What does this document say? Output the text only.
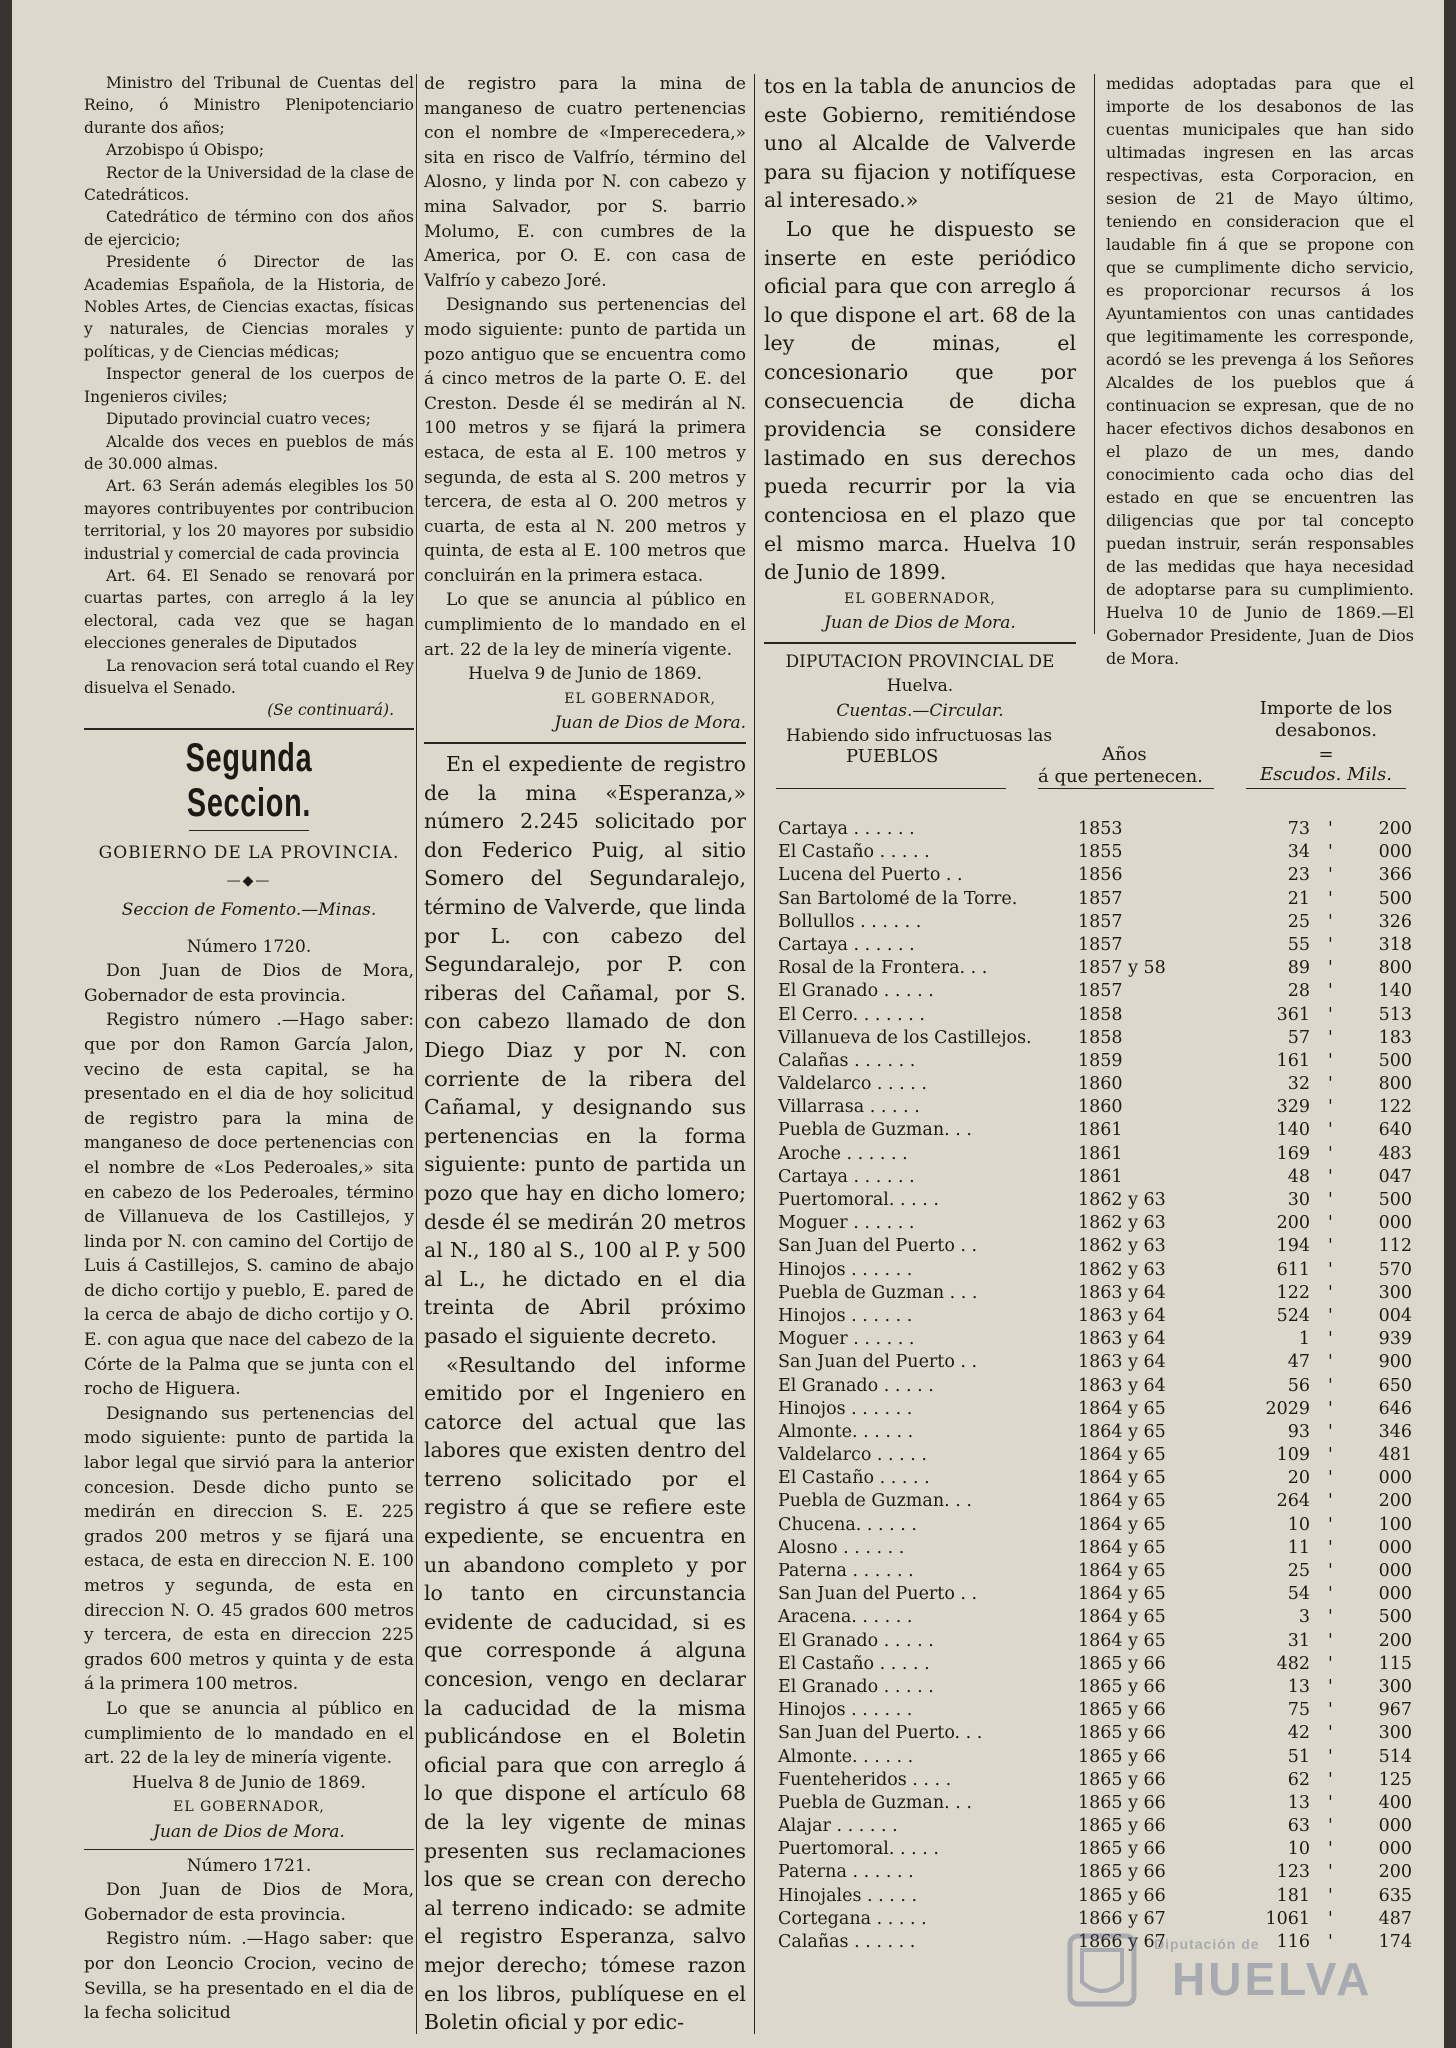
Ministro del Tribunal de Cuentas del Reino, ó Ministro Plenipotenciario durante dos años;

Arzobispo ú Obispo;

Rector de la Universidad de la clase de Catedráticos.

Catedrático de término con dos años de ejercicio;

Presidente ó Director de las Academias Española, de la Historia, de Nobles Artes, de Ciencias exactas, físicas y naturales, de Ciencias morales y políticas, y de Ciencias médicas;

Inspector general de los cuerpos de Ingenieros civiles;

Diputado provincial cuatro veces;

Alcalde dos veces en pueblos de más de 30.000 almas.

Art. 63 Serán además elegibles los 50 mayores contribuyentes por contribucion territorial, y los 20 mayores por subsidio industrial y comercial de cada provincia

Art. 64. El Senado se renovará por cuartas partes, con arreglo á la ley electoral, cada vez que se hagan elecciones generales de Diputados

La renovacion será total cuando el Rey disuelva el Senado.

(Se continuará).

Segunda Seccion.

GOBIERNO DE LA PROVINCIA.

—◆—

Seccion de Fomento.—Minas.

Número 1720.

Don Juan de Dios de Mora, Gobernador de esta provincia.

Registro número .—Hago saber: que por don Ramon García Jalon, vecino de esta capital, se ha presentado en el dia de hoy solicitud de registro para la mina de manganeso de doce pertenencias con el nombre de «Los Pederoales,» sita en cabezo de los Pederoales, término de Villanueva de los Castillejos, y linda por N. con camino del Cortijo de Luis á Castillejos, S. camino de abajo de dicho cortijo y pueblo, E. pared de la cerca de abajo de dicho cortijo y O. E. con agua que nace del cabezo de la Córte de la Palma que se junta con el rocho de Higuera.

Designando sus pertenencias del modo siguiente: punto de partida la labor legal que sirvió para la anterior concesion. Desde dicho punto se medirán en direccion S. E. 225 grados 200 metros y se fijará una estaca, de esta en direccion N. E. 100 metros y segunda, de esta en direccion N. O. 45 grados 600 metros y tercera, de esta en direccion 225 grados 600 metros y quinta y de esta á la primera 100 metros.

Lo que se anuncia al público en cumplimiento de lo mandado en el art. 22 de la ley de minería vigente.

Huelva 8 de Junio de 1869.

EL GOBERNADOR,

Juan de Dios de Mora.

Número 1721.

Don Juan de Dios de Mora, Gobernador de esta provincia.

Registro núm. .—Hago saber: que por don Leoncio Crocion, vecino de Sevilla, se ha presentado en el dia de la fecha solicitud

de registro para la mina de manganeso de cuatro pertenencias con el nombre de «Imperecedera,» sita en risco de Valfrío, término del Alosno, y linda por N. con cabezo y mina Salvador, por S. barrio Molumo, E. con cumbres de la America, por O. E. con casa de Valfrío y cabezo Joré.

Designando sus pertenencias del modo siguiente: punto de partida un pozo antiguo que se encuentra como á cinco metros de la parte O. E. del Creston. Desde él se medirán al N. 100 metros y se fijará la primera estaca, de esta al E. 100 metros y segunda, de esta al S. 200 metros y tercera, de esta al O. 200 metros y cuarta, de esta al N. 200 metros y quinta, de esta al E. 100 metros que concluirán en la primera estaca.

Lo que se anuncia al público en cumplimiento de lo mandado en el art. 22 de la ley de minería vigente.

Huelva 9 de Junio de 1869.

EL GOBERNADOR,

Juan de Dios de Mora.

En el expediente de registro de la mina «Esperanza,» número 2.245 solicitado por don Federico Puig, al sitio Somero del Segundaralejo, término de Valverde, que linda por L. con cabezo del Segundaralejo, por P. con riberas del Cañamal, por S. con cabezo llamado de don Diego Diaz y por N. con corriente de la ribera del Cañamal, y designando sus pertenencias en la forma siguiente: punto de partida un pozo que hay en dicho lomero; desde él se medirán 20 metros al N., 180 al S., 100 al P. y 500 al L., he dictado en el dia treinta de Abril próximo pasado el siguiente decreto.

«Resultando del informe emitido por el Ingeniero en catorce del actual que las labores que existen dentro del terreno solicitado por el registro á que se refiere este expediente, se encuentra en un abandono completo y por lo tanto en circunstancia evidente de caducidad, si es que corresponde á alguna concesion, vengo en declarar la caducidad de la misma publicándose en el Boletin oficial para que con arreglo á lo que dispone el artículo 68 de la ley vigente de minas presenten sus reclamaciones los que se crean con derecho al terreno indicado: se admite el registro Esperanza, salvo mejor derecho; tómese razon en los libros, publíquese en el Boletin oficial y por edic-

tos en la tabla de anuncios de este Gobierno, remitiéndose uno al Alcalde de Valverde para su fijacion y notifíquese al interesado.»

Lo que he dispuesto se inserte en este periódico oficial para que con arreglo á lo que dispone el art. 68 de la ley de minas, el concesionario que por consecuencia de dicha providencia se considere lastimado en sus derechos pueda recurrir por la via contenciosa en el plazo que el mismo marca. Huelva 10 de Junio de 1899.

EL GOBERNADOR,

Juan de Dios de Mora.

DIPUTACION PROVINCIAL DE Huelva.

Cuentas.—Circular.

Habiendo sido infructuosas las

medidas adoptadas para que el importe de los desabonos de las cuentas municipales que han sido ultimadas ingresen en las arcas respectivas, esta Corporacion, en sesion de 21 de Mayo último, teniendo en consideracion que el laudable fin á que se propone con que se cumplimente dicho servicio, es proporcionar recursos á los Ayuntamientos con unas cantidades que legitimamente les corresponde, acordó se les prevenga á los Señores Alcaldes de los pueblos que á continuacion se expresan, que de no hacer efectivos dichos desabonos en el plazo de un mes, dando conocimiento cada ocho dias del estado en que se encuentren las diligencias que por tal concepto puedan instruir, serán responsables de las medidas que haya necesidad de adoptarse para su cumplimiento. Huelva 10 de Junio de 1869.—El Gobernador Presidente, Juan de Dios de Mora.

PUEBLOS	Años
á que pertenecen.
Importe de los desabonos.
=
Escudos. Mils.
Cartaya . . . . . .	1853	73 '	200
El Castaño . . . . .	1855	34 '	000
Lucena del Puerto . .	1856	23 '	366
San Bartolomé de la Torre.	1857	21 '	500
Bollullos . . . . . .	1857	25 '	326
Cartaya . . . . . .	1857	55 '	318
Rosal de la Frontera. . .	1857 y 58	89 '	800
El Granado . . . . .	1857	28 '	140
El Cerro. . . . . . .	1858	361 '	513
Villanueva de los Castillejos.	1858	57 '	183
Calañas . . . . . .	1859	161 '	500
Valdelarco . . . . .	1860	32 '	800
Villarrasa . . . . .	1860	329 '	122
Puebla de Guzman. . .	1861	140 '	640
Aroche . . . . . .	1861	169 '	483
Cartaya . . . . . .	1861	48 '	047
Puertomoral. . . . .	1862 y 63	30 '	500
Moguer . . . . . .	1862 y 63	200 '	000
San Juan del Puerto . .	1862 y 63	194 '	112
Hinojos . . . . . .	1862 y 63	611 '	570
Puebla de Guzman . . .	1863 y 64	122 '	300
Hinojos . . . . . .	1863 y 64	524 '	004
Moguer . . . . . .	1863 y 64	1 '	939
San Juan del Puerto . .	1863 y 64	47 '	900
El Granado . . . . .	1863 y 64	56 '	650
Hinojos . . . . . .	1864 y 65	2029 '	646
Almonte. . . . . .	1864 y 65	93 '	346
Valdelarco . . . . .	1864 y 65	109 '	481
El Castaño . . . . .	1864 y 65	20 '	000
Puebla de Guzman. . .	1864 y 65	264 '	200
Chucena. . . . . .	1864 y 65	10 '	100
Alosno . . . . . .	1864 y 65	11 '	000
Paterna . . . . . .	1864 y 65	25 '	000
San Juan del Puerto . .	1864 y 65	54 '	000
Aracena. . . . . .	1864 y 65	3 '	500
El Granado . . . . .	1864 y 65	31 '	200
El Castaño . . . . .	1865 y 66	482 '	115
El Granado . . . . .	1865 y 66	13 '	300
Hinojos . . . . . .	1865 y 66	75 '	967
San Juan del Puerto. . .	1865 y 66	42 '	300
Almonte. . . . . .	1865 y 66	51 '	514
Fuenteheridos . . . .	1865 y 66	62 '	125
Puebla de Guzman. . .	1865 y 66	13 '	400
Alajar . . . . . .	1865 y 66	63 '	000
Puertomoral. . . . .	1865 y 66	10 '	000
Paterna . . . . . .	1865 y 66	123 '	200
Hinojales . . . . .	1865 y 66	181 '	635
Cortegana . . . . .	1866 y 67	1061 '	487
Calañas . . . . . .	1866 y 67	116 '	174
Diputación de
HUELVA
